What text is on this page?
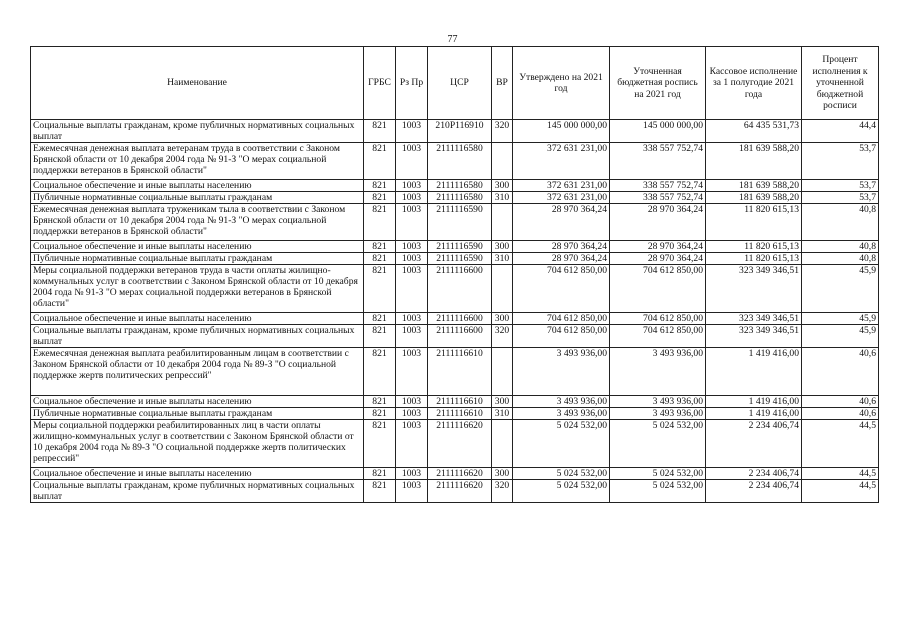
77
Наименование	ГРБС	Рз Пр	ЦСР	ВР	Утверждено на 2021 год	Уточненная бюджетная роспись на 2021 год	Кассовое исполнение за 1 полугодие 2021 года	Процент исполнения к уточненной бюджетной росписи
Социальные выплаты гражданам, кроме публичных нормативных социальных выплат	821	1003	210P116910	320	145 000 000,00	145 000 000,00	64 435 531,73	44,4
Ежемесячная денежная выплата ветеранам труда в соответствии с Законом Брянской области от 10 декабря 2004 года № 91-З "О мерах социальной поддержки ветеранов в Брянской области"	821	1003	2111116580		372 631 231,00	338 557 752,74	181 639 588,20	53,7
Социальное обеспечение и иные выплаты населению	821	1003	2111116580	300	372 631 231,00	338 557 752,74	181 639 588,20	53,7
Публичные нормативные социальные выплаты гражданам	821	1003	2111116580	310	372 631 231,00	338 557 752,74	181 639 588,20	53,7
Ежемесячная денежная выплата труженикам тыла в соответствии с Законом Брянской области от 10 декабря 2004 года № 91-З "О мерах социальной поддержки ветеранов в Брянской области"	821	1003	2111116590		28 970 364,24	28 970 364,24	11 820 615,13	40,8
Социальное обеспечение и иные выплаты населению	821	1003	2111116590	300	28 970 364,24	28 970 364,24	11 820 615,13	40,8
Публичные нормативные социальные выплаты гражданам	821	1003	2111116590	310	28 970 364,24	28 970 364,24	11 820 615,13	40,8
Меры социальной поддержки ветеранов труда в части оплаты жилищно-коммунальных услуг в соответствии с Законом Брянской области от 10 декабря 2004 года № 91-З "О мерах социальной поддержки ветеранов в Брянской области"	821	1003	2111116600		704 612 850,00	704 612 850,00	323 349 346,51	45,9
Социальное обеспечение и иные выплаты населению	821	1003	2111116600	300	704 612 850,00	704 612 850,00	323 349 346,51	45,9
Социальные выплаты гражданам, кроме публичных нормативных социальных выплат	821	1003	2111116600	320	704 612 850,00	704 612 850,00	323 349 346,51	45,9
Ежемесячная денежная выплата реабилитированным лицам в соответствии с Законом Брянской области от 10 декабря 2004 года № 89-З "О социальной поддержке жертв политических репрессий"	821	1003	2111116610		3 493 936,00	3 493 936,00	1 419 416,00	40,6
Социальное обеспечение и иные выплаты населению	821	1003	2111116610	300	3 493 936,00	3 493 936,00	1 419 416,00	40,6
Публичные нормативные социальные выплаты гражданам	821	1003	2111116610	310	3 493 936,00	3 493 936,00	1 419 416,00	40,6
Меры социальной поддержки реабилитированных лиц в части оплаты жилищно-коммунальных услуг в соответствии с Законом Брянской области от 10 декабря 2004 года № 89-З "О социальной поддержке жертв политических репрессий"	821	1003	2111116620		5 024 532,00	5 024 532,00	2 234 406,74	44,5
Социальное обеспечение и иные выплаты населению	821	1003	2111116620	300	5 024 532,00	5 024 532,00	2 234 406,74	44,5
Социальные выплаты гражданам, кроме публичных нормативных социальных выплат	821	1003	2111116620	320	5 024 532,00	5 024 532,00	2 234 406,74	44,5
